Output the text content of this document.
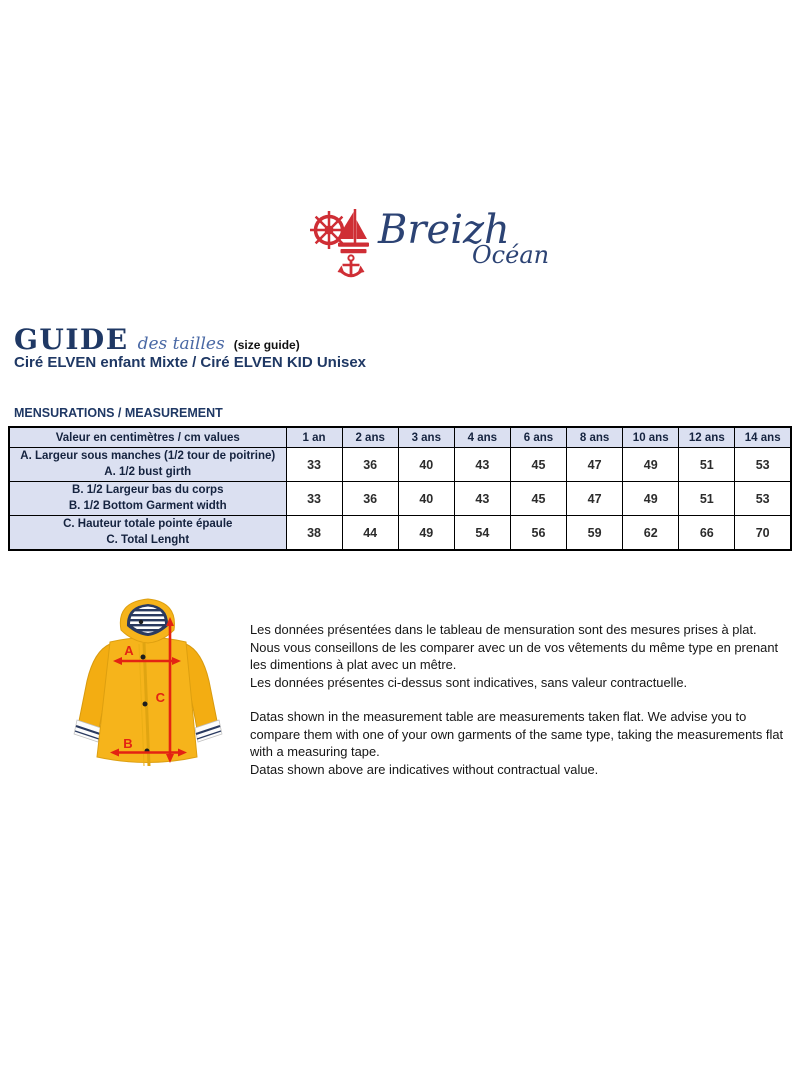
Breizh
Océan
GUIDE des tailles (size guide)
Ciré ELVEN enfant Mixte / Ciré ELVEN KID Unisex
MENSURATIONS / MEASUREMENT
Valeur en centimètres / cm values	1 an	2 ans	3 ans	4 ans	6 ans	8 ans	10 ans	12 ans	14 ans

A. Largeur sous manches (1/2 tour de poitrine)
A. 1/2 bust girth	33	36	40	43	45	47	49	51	53

B. 1/2 Largeur bas du corps
B. 1/2 Bottom Garment width	33	36	40	43	45	47	49	51	53

C. Hauteur totale pointe épaule
C. Total Lenght	38	44	49	54	56	59	62	66	70
A
C
B

Les données présentées dans le tableau de mensuration sont des mesures prises à plat. Nous vous conseillons de les comparer avec un de vos vêtements du même type en prenant les dimentions à plat avec un mêtre.

Les données présentes ci-dessus sont indicatives, sans valeur contractuelle.

Datas shown in the measurement table are measurements taken flat. We advise you to compare them with one of your own garments of the same type, taking the measurements flat with a measuring tape.

Datas shown above are indicatives without contractual value.
